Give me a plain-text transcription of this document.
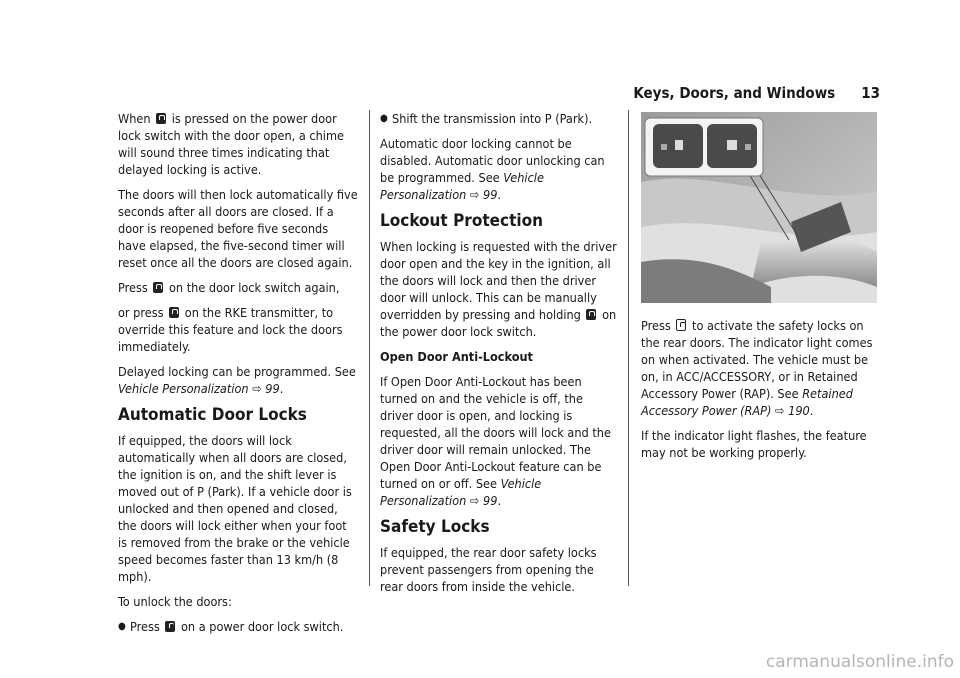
Keys, Doors, and Windows 13

When is pressed on the power door lock switch with the door open, a chime will sound three times indicating that delayed locking is active.

The doors will then lock automatically five seconds after all doors are closed. If a door is reopened before five seconds have elapsed, the five-second timer will reset once all the doors are closed again.

Press on the door lock switch again,

or press on the RKE transmitter, to override this feature and lock the doors immediately.

Delayed locking can be programmed. See Vehicle Personalization ⇨ 99.

Automatic Door Locks

If equipped, the doors will lock automatically when all doors are closed, the ignition is on, and the shift lever is moved out of P (Park). If a vehicle door is unlocked and then opened and closed, the doors will lock either when your foot is removed from the brake or the vehicle speed becomes faster than 13 km/h (8 mph).

To unlock the doors:

● Press on a power door lock switch.
● Shift the transmission into P (Park).

Automatic door locking cannot be disabled. Automatic door unlocking can be programmed. See Vehicle Personalization ⇨ 99.

Lockout Protection

When locking is requested with the driver door open and the key in the ignition, all the doors will lock and then the driver door will unlock. This can be manually overridden by pressing and holding on the power door lock switch.

Open Door Anti-Lockout

If Open Door Anti-Lockout has been turned on and the vehicle is off, the driver door is open, and locking is requested, all the doors will lock and the driver door will remain unlocked. The Open Door Anti-Lockout feature can be turned on or off. See Vehicle Personalization ⇨ 99.

Safety Locks

If equipped, the rear door safety locks prevent passengers from opening the rear doors from inside the vehicle.

Press to activate the safety locks on the rear doors. The indicator light comes on when activated. The vehicle must be on, in ACC/ACCESSORY, or in Retained Accessory Power (RAP). See Retained Accessory Power (RAP) ⇨ 190.

If the indicator light flashes, the feature may not be working properly.

carmanualsonline.info
